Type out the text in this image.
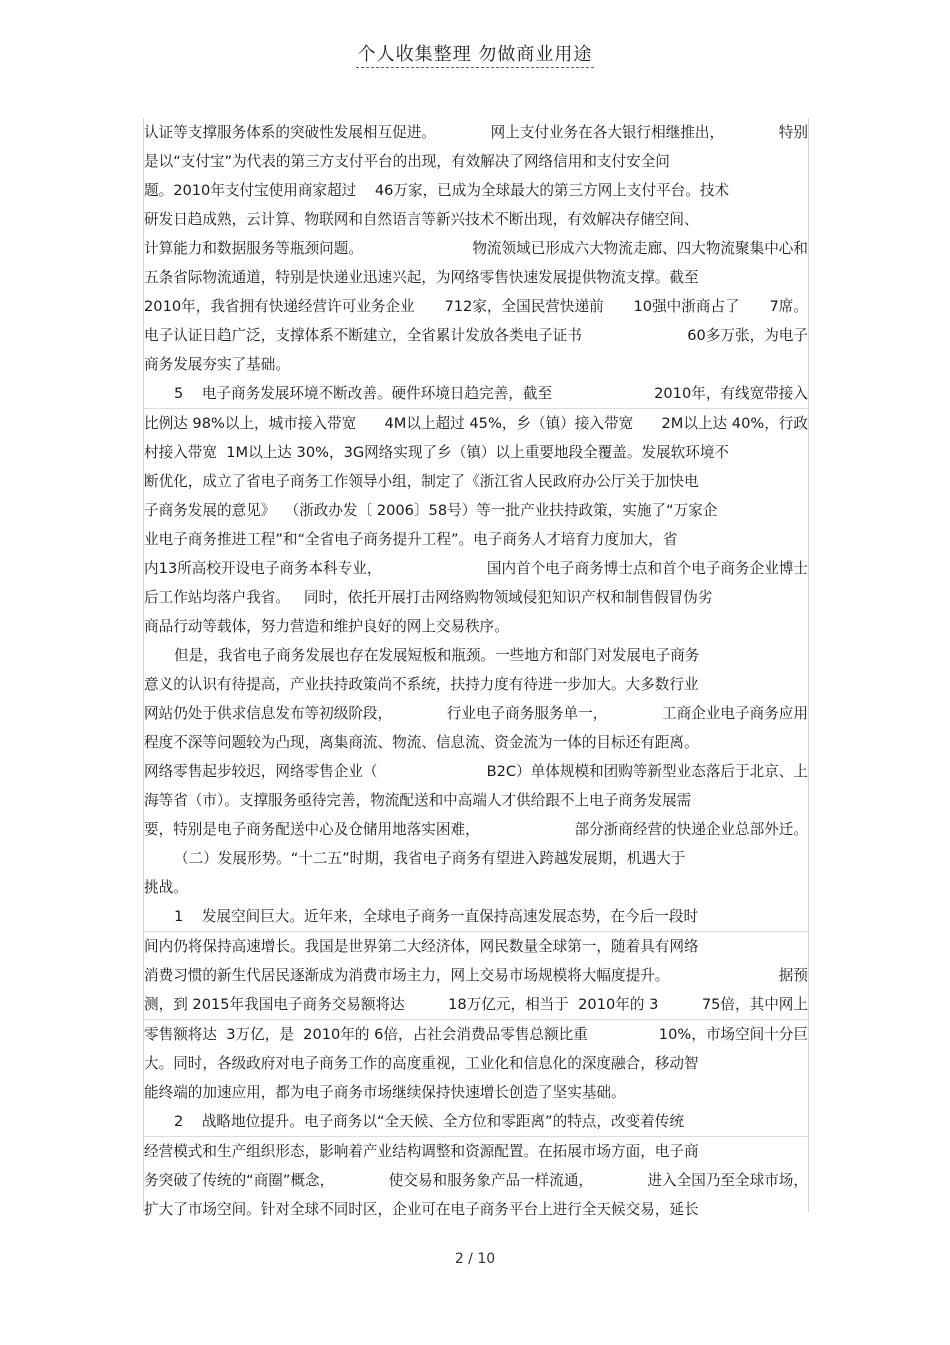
个人收集整理 勿做商业用途
认证等支撑服务体系的突破性发展相互促进。	网上支付业务在各大银行相继推出，	特别
是以“支付宝”为代表的第三方支付平台的出现，有效解决了网络信用和支付安全问
题。2010年支付宝使用商家超过    46万家，已成为全球最大的第三方网上支付平台。技术
研发日趋成熟，云计算、物联网和自然语言等新兴技术不断出现，有效解决存储空间、
计算能力和数据服务等瓶颈问题。	物流领域已形成六大物流走廊、四大物流聚集中心和
五条省际物流通道，特别是快递业迅速兴起，为网络零售快速发展提供物流支撑。截至
2010年，我省拥有快递经营许可业务企业 712家，全国民营快递前 10强中浙商占了 7席。
电子认证日趋广泛，支撑体系不断建立，全省累计发放各类电子证书	60多万张，为电子
商务发展夯实了基础。
5    电子商务发展环境不断改善。硬件环境日趋完善，截至	2010年，有线宽带接入
比例达 98%以上，城市接入带宽 4M以上超过 45%，乡（镇）接入带宽 2M以上达 40%，行政
村接入带宽  1M以上达 30%，3G网络实现了乡（镇）以上重要地段全覆盖。发展软环境不
断优化，成立了省电子商务工作领导小组，制定了《浙江省人民政府办公厅关于加快电
子商务发展的意见》  （浙政办发〔 2006〕58号）等一批产业扶持政策，实施了“万家企
业电子商务推进工程”和“全省电子商务提升工程”。电子商务人才培育力度加大，省
内13所高校开设电子商务本科专业，	国内首个电子商务博士点和首个电子商务企业博士
后工作站均落户我省。   同时，依托开展打击网络购物领域侵犯知识产权和制售假冒伪劣
商品行动等载体，努力营造和维护良好的网上交易秩序。
但是，我省电子商务发展也存在发展短板和瓶颈。一些地方和部门对发展电子商务
意义的认识有待提高，产业扶持政策尚不系统，扶持力度有待进一步加大。大多数行业
网站仍处于供求信息发布等初级阶段，	行业电子商务服务单一，	工商企业电子商务应用
程度不深等问题较为凸现，离集商流、物流、信息流、资金流为一体的目标还有距离。
网络零售起步较迟，网络零售企业（	B2C）单体规模和团购等新型业态落后于北京、上
海等省（市）。支撑服务亟待完善，物流配送和中高端人才供给跟不上电子商务发展需
要，特别是电子商务配送中心及仓储用地落实困难，	部分浙商经营的快递企业总部外迁。
（二）发展形势。“十二五”时期，我省电子商务有望进入跨越发展期，机遇大于
挑战。
1    发展空间巨大。近年来，全球电子商务一直保持高速发展态势，在今后一段时
间内仍将保持高速增长。我国是世界第二大经济体，网民数量全球第一，随着具有网络
消费习惯的新生代居民逐渐成为消费市场主力，网上交易市场规模将大幅度提升。	据预
测，到 2015年我国电子商务交易额将达	18万亿元，相当于  2010年的 3	75倍，其中网上
零售额将达  3万亿，是  2010年的 6倍，占社会消费品零售总额比重	10%，市场空间十分巨
大。同时，各级政府对电子商务工作的高度重视，工业化和信息化的深度融合，移动智
能终端的加速应用，都为电子商务市场继续保持快速增长创造了坚实基础。
2    战略地位提升。电子商务以“全天候、全方位和零距离”的特点，改变着传统
经营模式和生产组织形态，影响着产业结构调整和资源配置。在拓展市场方面，电子商
务突破了传统的“商圈”概念，	使交易和服务象产品一样流通，	进入全国乃至全球市场，
扩大了市场空间。针对全球不同时区，企业可在电子商务平台上进行全天候交易，延长
2 / 10
